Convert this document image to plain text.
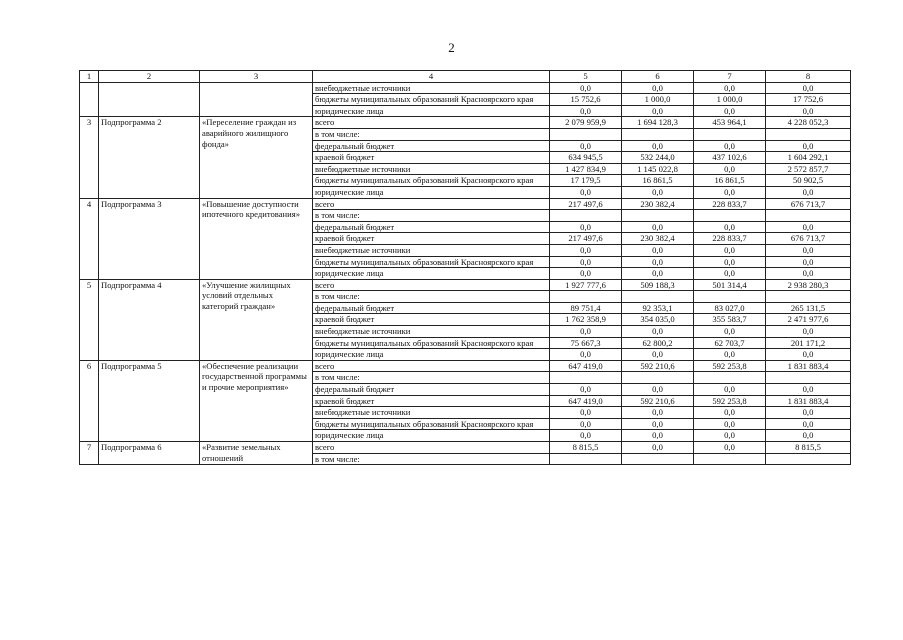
2
1	2	3	4	5	6	7	8
			внебюджетные источники	0,0	0,0	0,0	0,0
			бюджеты муниципальных образований Красноярского края	15 752,6	1 000,0	1 000,0	17 752,6
			юридические лица	0,0	0,0	0,0	0,0
3	Подпрограмма 2	«Переселение граждан из аварийного жилищного фонда»	всего	2 079 959,9	1 694 128,3	453 964,1	4 228 052,3
			в том числе:				
			федеральный бюджет	0,0	0,0	0,0	0,0
			краевой бюджет	634 945,5	532 244,0	437 102,6	1 604 292,1
			внебюджетные источники	1 427 834,9	1 145 022,8	0,0	2 572 857,7
			бюджеты муниципальных образований Красноярского края	17 179,5	16 861,5	16 861,5	50 902,5
			юридические лица	0,0	0,0	0,0	0,0
4	Подпрограмма 3	«Повышение доступности ипотечного кредитования»	всего	217 497,6	230 382,4	228 833,7	676 713,7
			в том числе:				
			федеральный бюджет	0,0	0,0	0,0	0,0
			краевой бюджет	217 497,6	230 382,4	228 833,7	676 713,7
			внебюджетные источники	0,0	0,0	0,0	0,0
			бюджеты муниципальных образований Красноярского края	0,0	0,0	0,0	0,0
			юридические лица	0,0	0,0	0,0	0,0
5	Подпрограмма 4	«Улучшение жилищных условий отдельных категорий граждан»	всего	1 927 777,6	509 188,3	501 314,4	2 938 280,3
			в том числе:				
			федеральный бюджет	89 751,4	92 353,1	83 027,0	265 131,5
			краевой бюджет	1 762 358,9	354 035,0	355 583,7	2 471 977,6
			внебюджетные источники	0,0	0,0	0,0	0,0
			бюджеты муниципальных образований Красноярского края	75 667,3	62 800,2	62 703,7	201 171,2
			юридические лица	0,0	0,0	0,0	0,0
6	Подпрограмма 5	«Обеспечение реализации государственной программы и прочие мероприятия»	всего	647 419,0	592 210,6	592 253,8	1 831 883,4
			в том числе:				
			федеральный бюджет	0,0	0,0	0,0	0,0
			краевой бюджет	647 419,0	592 210,6	592 253,8	1 831 883,4
			внебюджетные источники	0,0	0,0	0,0	0,0
			бюджеты муниципальных образований Красноярского края	0,0	0,0	0,0	0,0
			юридические лица	0,0	0,0	0,0	0,0
7	Подпрограмма 6	«Развитие земельных отношений	всего	8 815,5	0,0	0,0	8 815,5
			в том числе:				
